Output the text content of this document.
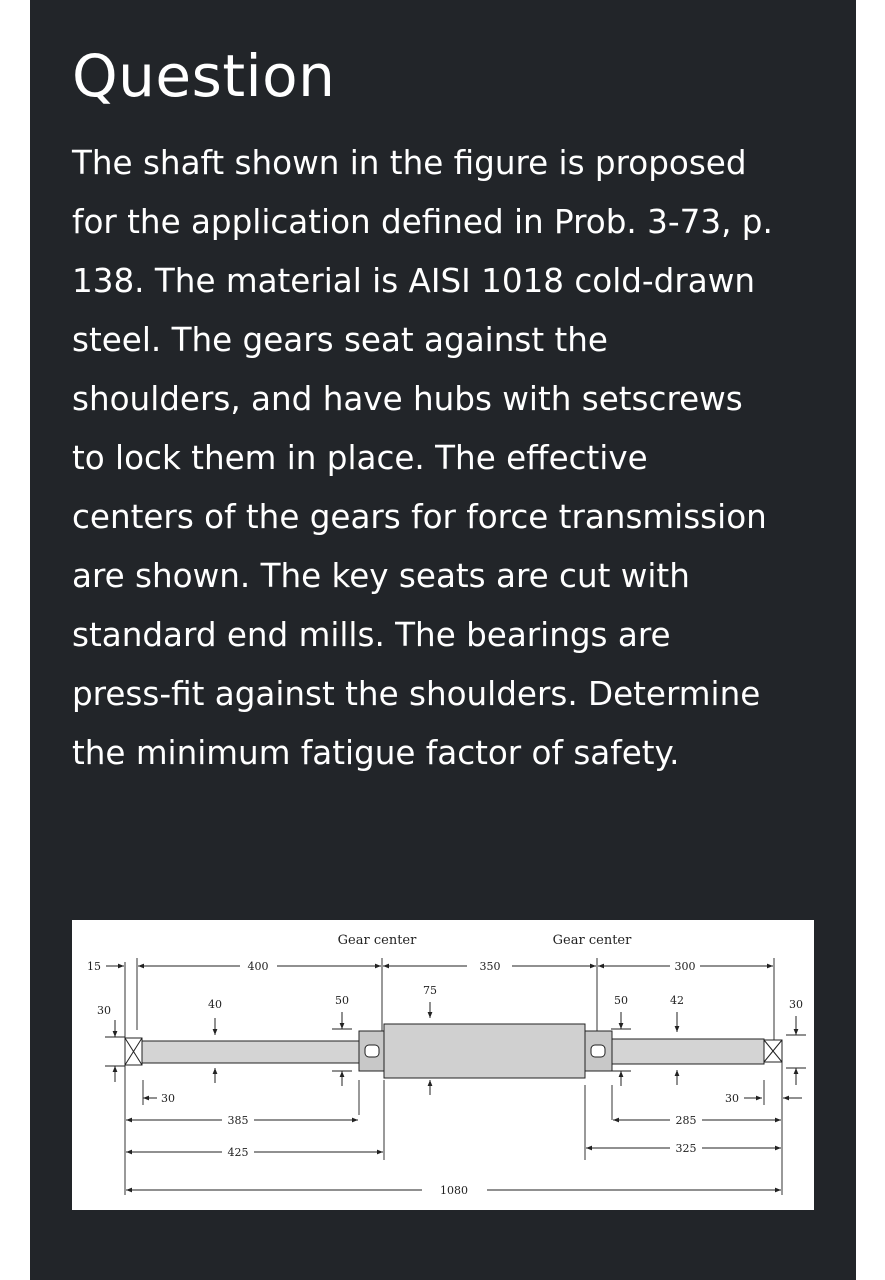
Question
The shaft shown in the figure is proposed
for the application defined in Prob. 3-73, p.
138. The material is AISI 1018 cold-drawn
steel. The gears seat against the
shoulders, and have hubs with setscrews
to lock them in place. The effective
centers of the gears for force transmission
are shown. The key seats are cut with
standard end mills. The bearings are
press-fit against the shoulders. Determine
the minimum fatigue factor of safety.
Gear center	Gear center
15	400	350	300
30	40	50
75
50	42	30
30	30
385
425
285
325
1080
